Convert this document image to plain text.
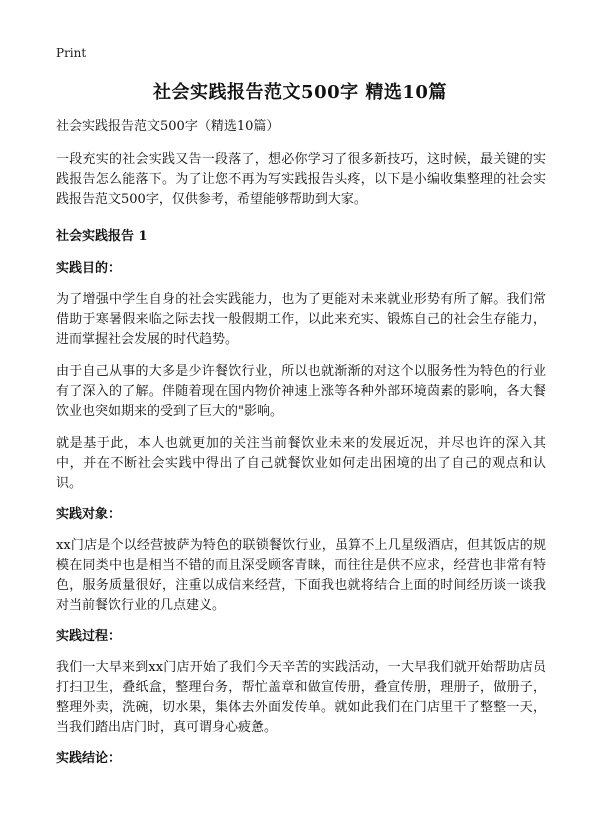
Print
社会实践报告范文500字 精选10篇
社会实践报告范文500字（精选10篇）

一段充实的社会实践又告一段落了，想必你学习了很多新技巧，这时候，最关键的实践报告怎么能落下。为了让您不再为写实践报告头疼，以下是小编收集整理的社会实践报告范文500字，仅供参考，希望能够帮助到大家。

社会实践报告 1
实践目的：

为了增强中学生自身的社会实践能力，也为了更能对未来就业形势有所了解。我们常借助于寒暑假来临之际去找一般假期工作，以此来充实、锻炼自己的社会生存能力，进而掌握社会发展的时代趋势。

由于自己从事的大多是少许餐饮行业，所以也就渐渐的对这个以服务性为特色的行业有了深入的了解。伴随着现在国内物价神速上涨等各种外部环境茵素的影响，各大餐饮业也突如期来的受到了巨大的"影响。

就是基于此，本人也就更加的关注当前餐饮业未来的发展近况，并尽也许的深入其中，并在不断社会实践中得出了自己就餐饮业如何走出困境的出了自己的观点和认识。

实践对象：

xx门店是个以经营披萨为特色的联锁餐饮行业，虽算不上几星级酒店，但其饭店的规模在同类中也是相当不错的而且深受顾客青睐，而往往是供不应求，经营也非常有特色，服务质量很好，注重以成信来经营，下面我也就将结合上面的时间经历谈一谈我对当前餐饮行业的几点建义。

实践过程：

我们一大早来到xx门店开始了我们今天辛苦的实践活动，一大早我们就开始帮助店员打扫卫生，叠纸盒，整理台务，帮忙盖章和做宣传册，叠宣传册，理册子，做册子，整理外卖，洗碗，切水果，集体去外面发传单。就如此我们在门店里干了整整一天，当我们踏出店门时，真可谓身心疲惫。

实践结论：
